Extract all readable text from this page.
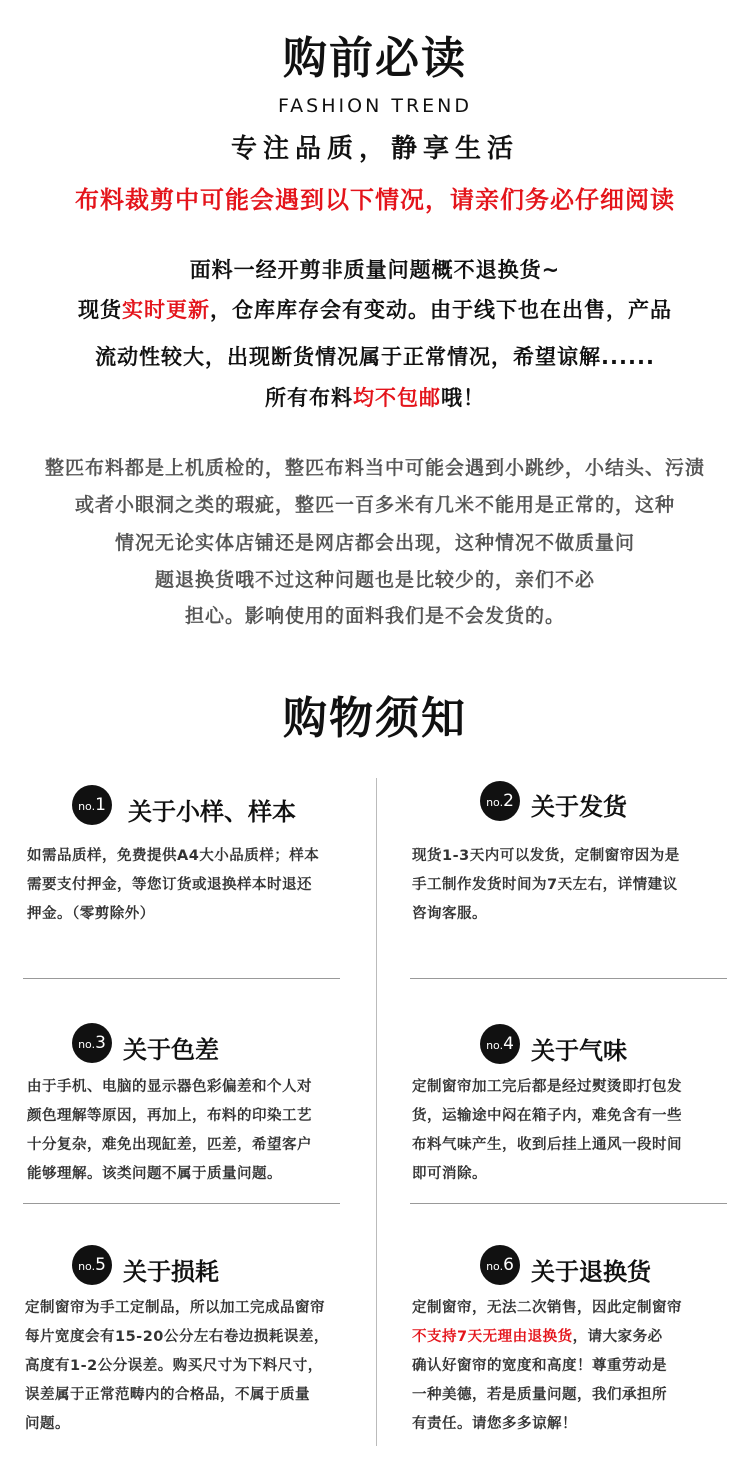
购前必读
FASHION TREND
专注品质，静享生活
布料裁剪中可能会遇到以下情况，请亲们务必仔细阅读
面料一经开剪非质量问题概不退换货~
现货实时更新，仓库库存会有变动。由于线下也在出售，产品
流动性较大，出现断货情况属于正常情况，希望谅解......
所有布料均不包邮哦！
整匹布料都是上机质检的，整匹布料当中可能会遇到小跳纱，小结头、污渍
或者小眼洞之类的瑕疵，整匹一百多米有几米不能用是正常的，这种
情况无论实体店铺还是网店都会出现，这种情况不做质量问
题退换货哦不过这种问题也是比较少的，亲们不必
担心。影响使用的面料我们是不会发货的。
购物须知
no.1 关于小样、样本

如需品质样，免费提供A4大小品质样；样本

需要支付押金，等您订货或退换样本时退还

押金。（零剪除外）

no.2 关于发货

现货1-3天内可以发货，定制窗帘因为是

手工制作发货时间为7天左右，详情建议

咨询客服。

no.3 关于色差

由于手机、电脑的显示器色彩偏差和个人对

颜色理解等原因，再加上，布料的印染工艺

十分复杂，难免出现缸差，匹差，希望客户

能够理解。该类问题不属于质量问题。

no.4 关于气味

定制窗帘加工完后都是经过熨烫即打包发

货，运输途中闷在箱子内，难免含有一些

布料气味产生，收到后挂上通风一段时间

即可消除。

no.5 关于损耗

定制窗帘为手工定制品，所以加工完成品窗帘

每片宽度会有15-20公分左右卷边损耗误差，

高度有1-2公分误差。购买尺寸为下料尺寸，

误差属于正常范畴内的合格品，不属于质量

问题。

no.6 关于退换货

定制窗帘，无法二次销售，因此定制窗帘

不支持7天无理由退换货，请大家务必

确认好窗帘的宽度和高度！尊重劳动是

一种美德，若是质量问题，我们承担所

有责任。请您多多谅解！
